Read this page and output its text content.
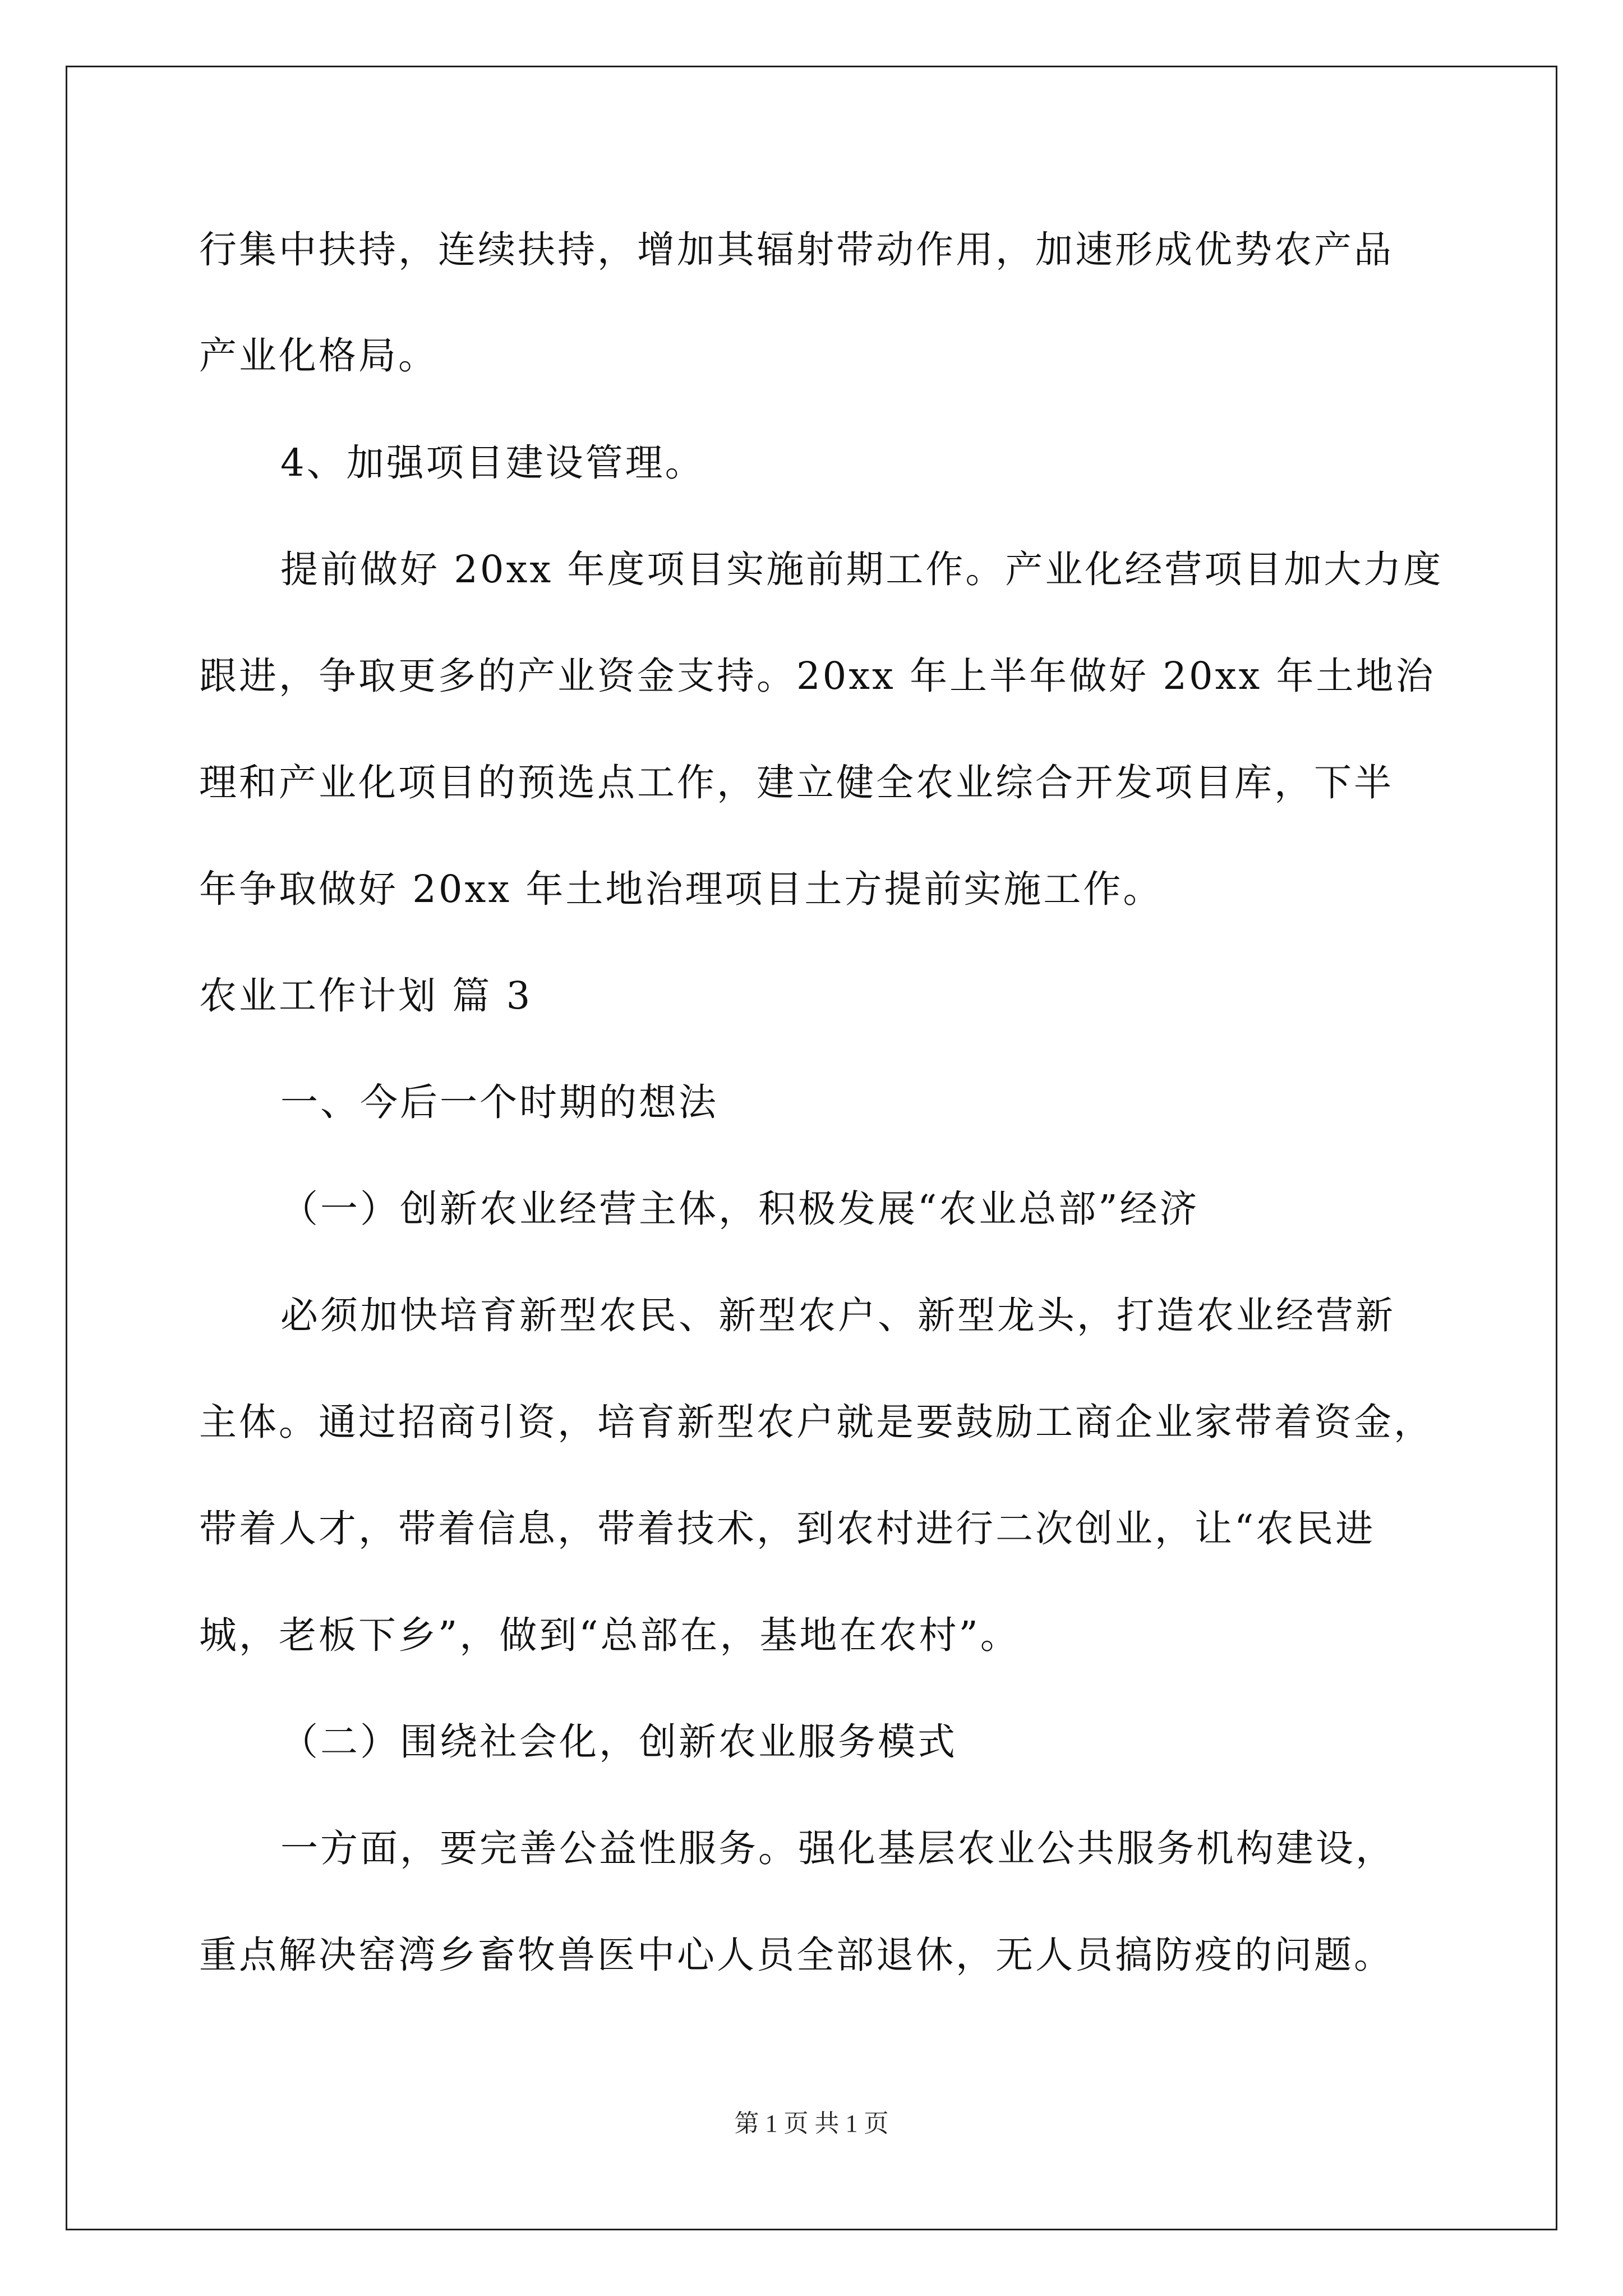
行集中扶持，连续扶持，增加其辐射带动作用，加速形成优势农产品
产业化格局。
4、加强项目建设管理。
提前做好 20xx 年度项目实施前期工作。产业化经营项目加大力度
跟进，争取更多的产业资金支持。20xx 年上半年做好 20xx 年土地治
理和产业化项目的预选点工作，建立健全农业综合开发项目库，下半
年争取做好 20xx 年土地治理项目土方提前实施工作。
农业工作计划 篇 3
一、今后一个时期的想法
（一）创新农业经营主体，积极发展“农业总部”经济
必须加快培育新型农民、新型农户、新型龙头，打造农业经营新
主体。通过招商引资，培育新型农户就是要鼓励工商企业家带着资金，
带着人才，带着信息，带着技术，到农村进行二次创业，让“农民进
城，老板下乡”，做到“总部在，基地在农村”。
（二）围绕社会化，创新农业服务模式
一方面，要完善公益性服务。强化基层农业公共服务机构建设，
重点解决窑湾乡畜牧兽医中心人员全部退休，无人员搞防疫的问题。
第 1 页 共 1 页
